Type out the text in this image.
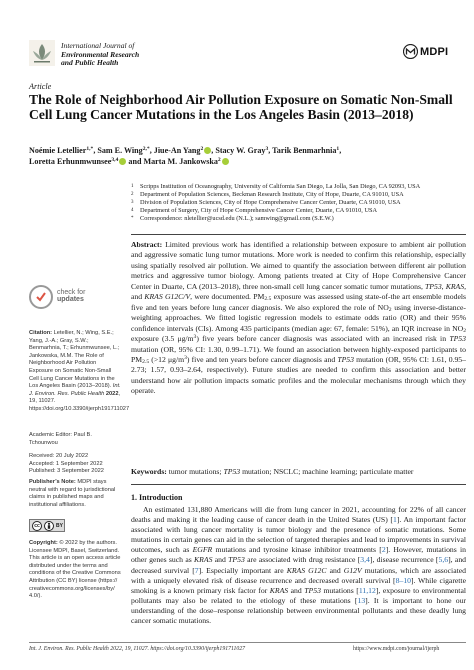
International Journal of
Environmental Research
and Public Health
MDPI
Article
The Role of Neighborhood Air Pollution Exposure on Somatic Non-Small Cell Lung Cancer Mutations in the Los Angeles Basin (2013–2018)
Noémie Letellier$^{1,*}$, Sam E. Wing$^{2,*}$, Jiue-An Yang$^2$ , Stacy W. Gray$^3$, Tarik Benmarhnia$^1$,
Loretta Erhunmwunsee$^{3,4}$ and Marta M. Jankowska$^2$
1	Scripps Institution of Oceanography, University of California San Diego, La Jolla, San Diego, CA 92093, USA
2	Department of Population Sciences, Beckman Research Institute, City of Hope, Duarte, CA 91010, USA
3	Division of Population Sciences, City of Hope Comprehensive Cancer Center, Duarte, CA 91010, USA
4	Department of Surgery, City of Hope Comprehensive Cancer Center, Duarte, CA 91010, USA
*	Correspondence: nletellier@ucsd.edu (N.L.); samwing@gmail.com (S.E.W.)
Abstract: Limited previous work has identified a relationship between exposure to ambient air pollution and aggressive somatic lung tumor mutations. More work is needed to confirm this relationship, especially using spatially resolved air pollution. We aimed to quantify the association between different air pollution metrics and aggressive tumor biology. Among patients treated at City of Hope Comprehensive Cancer Center in Duarte, CA (2013–2018), three non-small cell lung cancer somatic tumor mutations, TP53, KRAS, and KRAS G12C/V, were documented. $PM_{2.5}$ exposure was assessed using state-of-the art ensemble models five and ten years before lung cancer diagnosis. We also explored the role of $NO_2$ using inverse-distance-weighting approaches. We fitted logistic regression models to estimate odds ratio (OR) and their 95% confidence intervals (CIs). Among 435 participants (median age: 67, female: 51%), an IQR increase in $NO_2$ exposure (3.5 $\mu g/m^3$) five years before cancer diagnosis was associated with an increased risk in TP53 mutation (OR, 95% CI: 1.30, 0.99–1.71). We found an association between highly-exposed participants to $PM_{2.5}$ (>12 $\mu g/m^3$) five and ten years before cancer diagnosis and TP53 mutation (OR, 95% CI: 1.61, 0.95–2.73; 1.57, 0.93–2.64, respectively). Future studies are needed to confirm this association and better understand how air pollution impacts somatic profiles and the molecular mechanisms through which they operate.
Keywords: tumor mutations; TP53 mutation; NSCLC; machine learning; particulate matter
check for
updates
Citation: Letellier, N.; Wing, S.E.; Yang, J.-A.; Gray, S.W.; Benmarhnia, T.; Erhunmwunsee, L.; Jankowska, M.M. The Role of Neighborhood Air Pollution Exposure on Somatic Non-Small Cell Lung Cancer Mutations in the Los Angeles Basin (2013–2018). Int. J. Environ. Res. Public Health 2022, 19, 11027. https://doi.org/10.3390/ijerph191711027
Academic Editor: Paul B. Tchounwou
Received: 20 July 2022
Accepted: 1 September 2022
Published: 3 September 2022
Publisher’s Note: MDPI stays neutral with regard to jurisdictional claims in published maps and institutional affiliations.
cc	BY
Copyright: © 2022 by the authors. Licensee MDPI, Basel, Switzerland. This article is an open access article distributed under the terms and conditions of the Creative Commons Attribution (CC BY) license (https:// creativecommons.org/licenses/by/ 4.0/).
1. Introduction
An estimated 131,880 Americans will die from lung cancer in 2021, accounting for 22% of all cancer deaths and making it the leading cause of cancer death in the United States (US) [1]. An important factor associated with lung cancer mortality is tumor biology and the presence of somatic mutations. Some mutations in certain genes can aid in the selection of targeted therapies and lead to improvements in survival outcomes, such as EGFR mutations and tyrosine kinase inhibitor treatments [2]. However, mutations in other genes such as KRAS and TP53 are associated with drug resistance [3,4], disease recurrence [5,6], and decreased survival [7]. Especially important are KRAS G12C and G12V mutations, which are associated with a uniquely elevated risk of disease recurrence and decreased overall survival [8–10]. While cigarette smoking is a known primary risk factor for KRAS and TP53 mutations [11,12], exposure to environmental pollutants may also be related to the etiology of these mutations [13]. It is important to hone our understanding of the dose–response relationship between environmental pollutants and these deadly lung cancer somatic mutations.
Int. J. Environ. Res. Public Health 2022, 19, 11027. https://doi.org/10.3390/ijerph191711027	https://www.mdpi.com/journal/ijerph
